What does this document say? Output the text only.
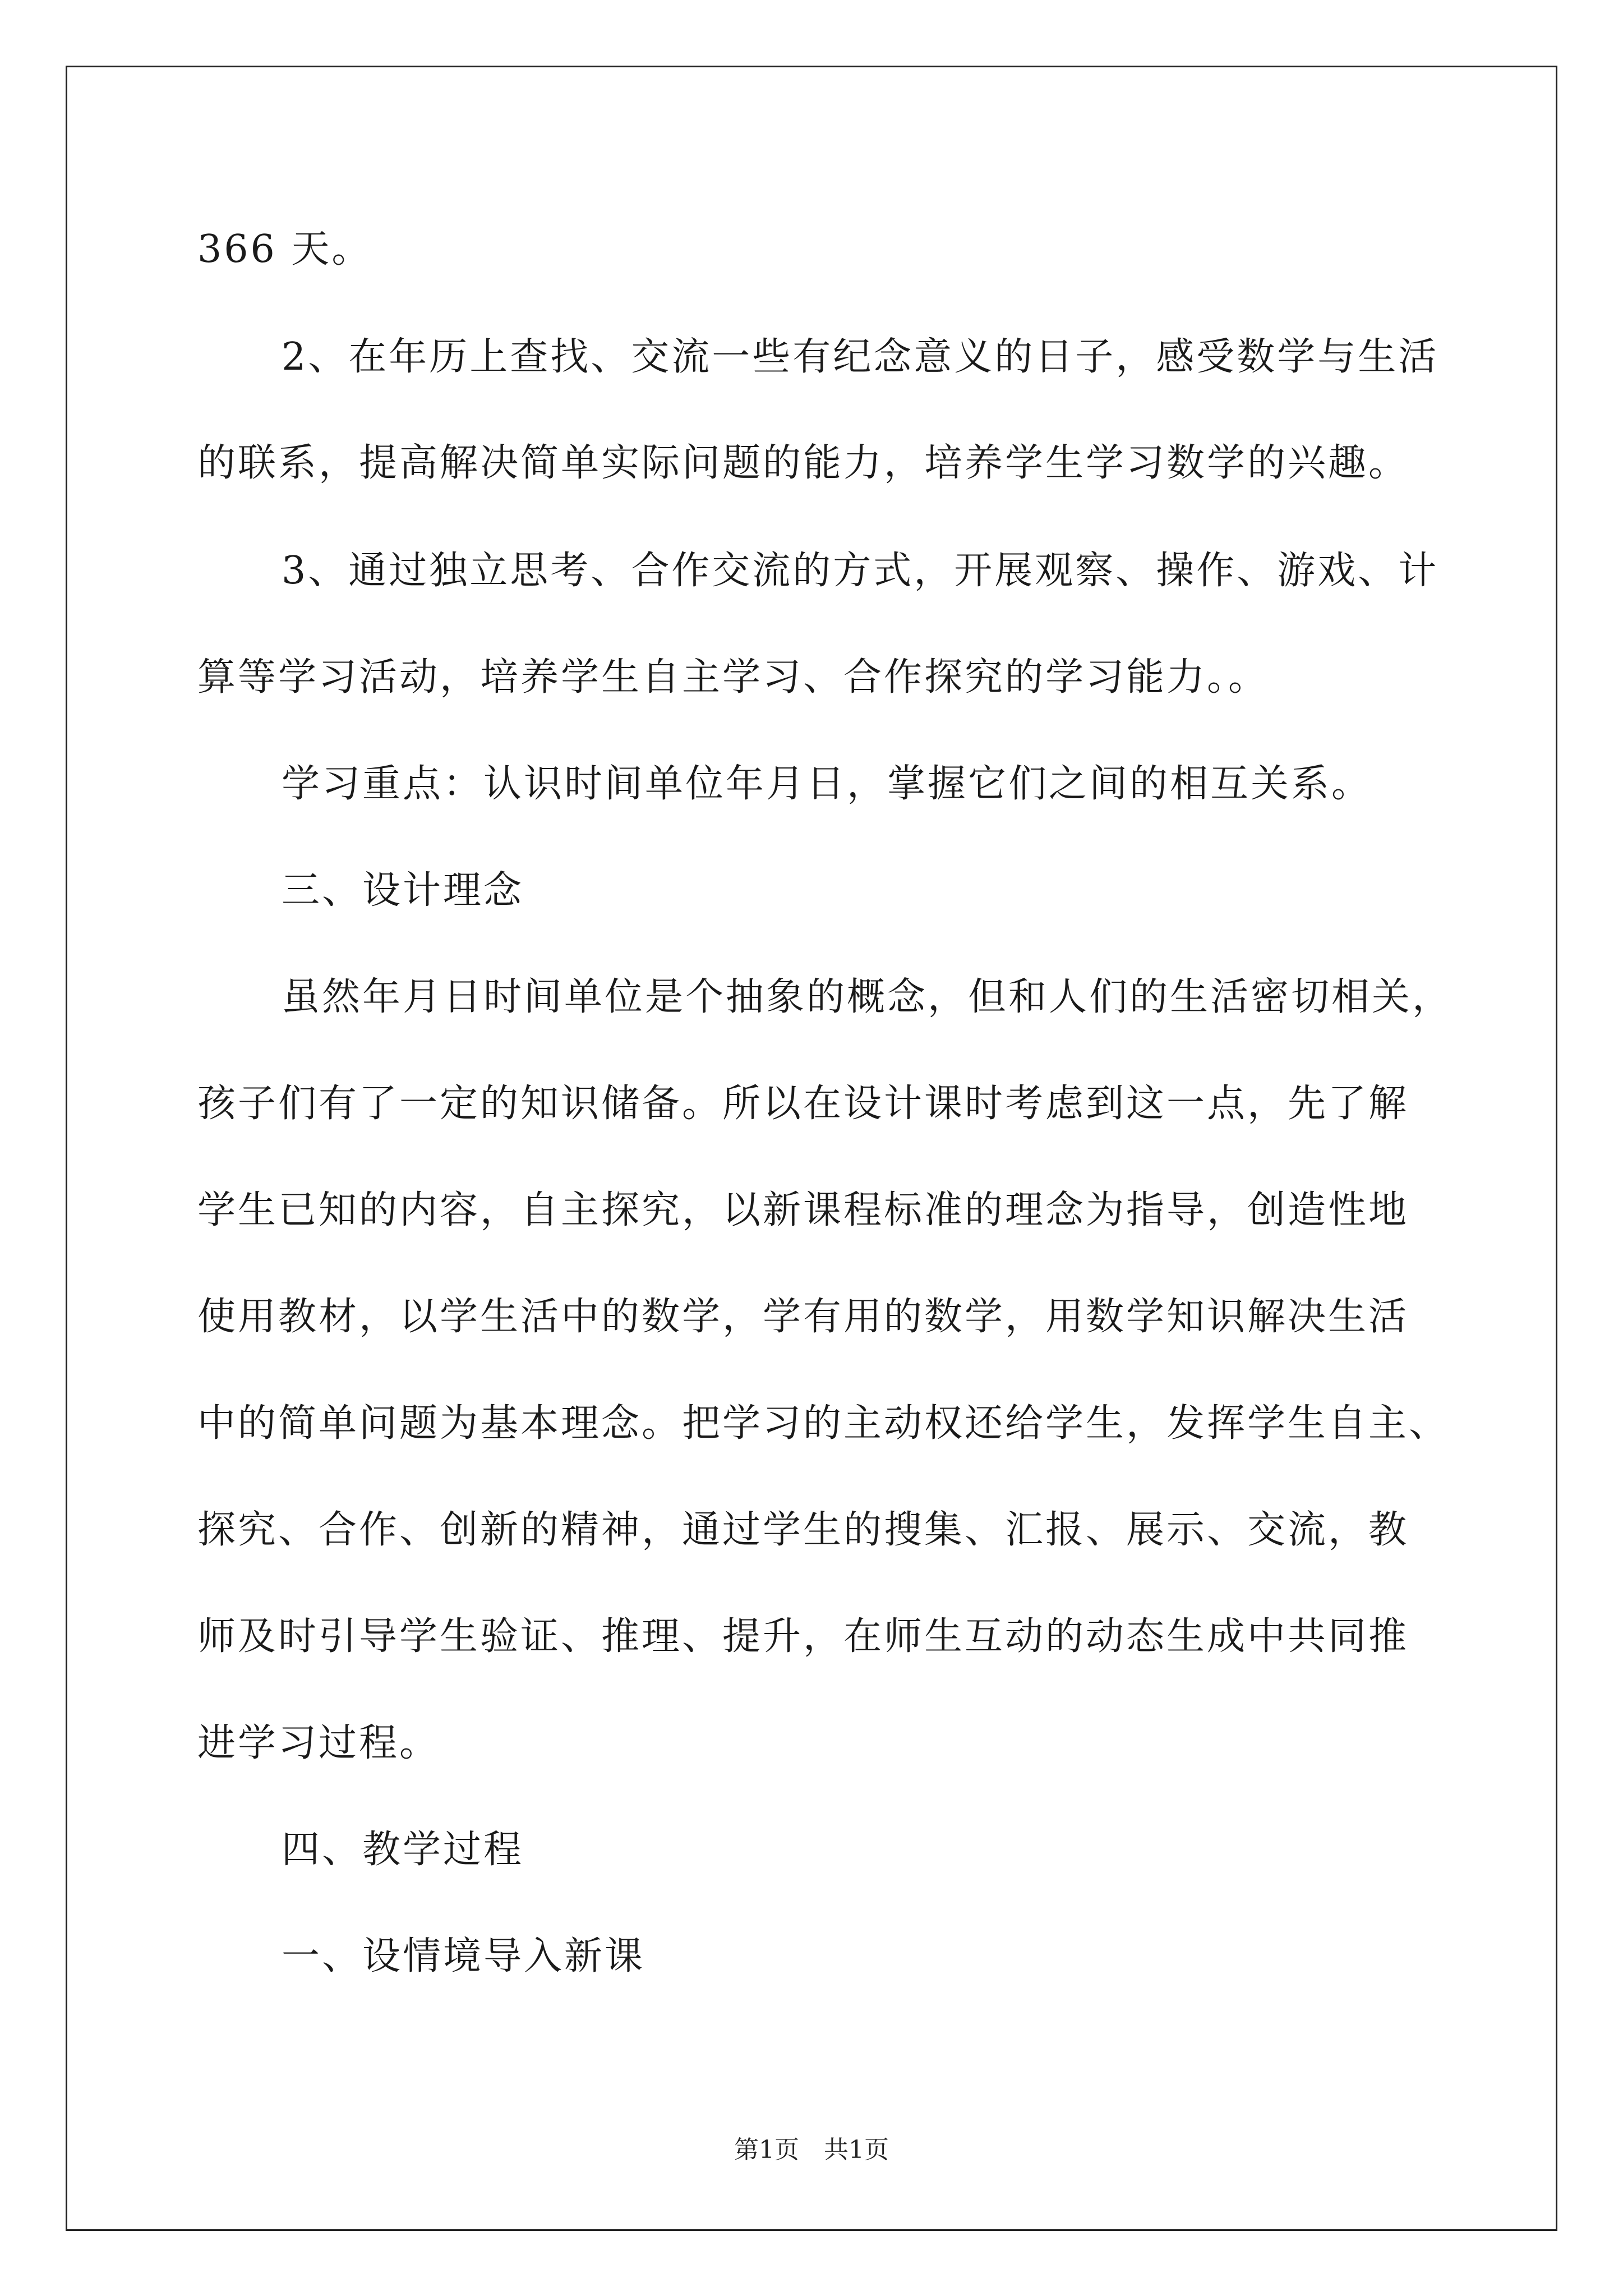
366 天。
2、在年历上查找、交流一些有纪念意义的日子，感受数学与生活
的联系，提高解决简单实际问题的能力，培养学生学习数学的兴趣。
3、通过独立思考、合作交流的方式，开展观察、操作、游戏、计
算等学习活动，培养学生自主学习、合作探究的学习能力。。
学习重点：认识时间单位年月日，掌握它们之间的相互关系。
三、设计理念
虽然年月日时间单位是个抽象的概念，但和人们的生活密切相关，
孩子们有了一定的知识储备。所以在设计课时考虑到这一点，先了解
学生已知的内容，自主探究，以新课程标准的理念为指导，创造性地
使用教材，以学生活中的数学，学有用的数学，用数学知识解决生活
中的简单问题为基本理念。把学习的主动权还给学生，发挥学生自主、
探究、合作、创新的精神，通过学生的搜集、汇报、展示、交流，教
师及时引导学生验证、推理、提升，在师生互动的动态生成中共同推
进学习过程。
四、教学过程
一、设情境导入新课
第1页　共1页
